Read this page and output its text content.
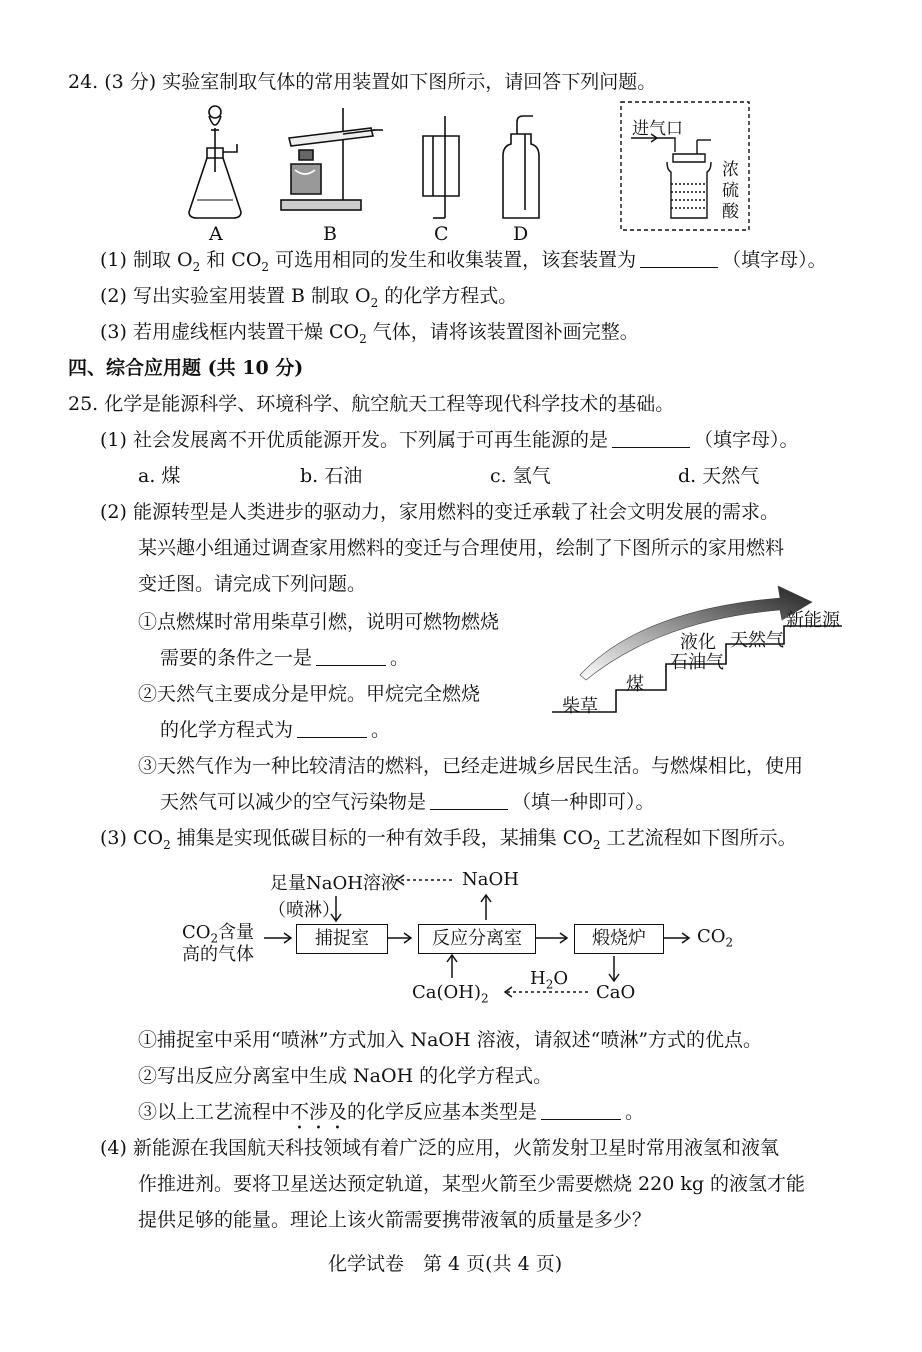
24. (3 分) 实验室制取气体的常用装置如下图所示，请回答下列问题。
进气口
浓硫酸
A	B	C	D
(1) 制取 $O_2$ 和 $CO_2$ 可选用相同的发生和收集装置，该套装置为	（填字母）。
(2) 写出实验室用装置 B 制取 $O_2$ 的化学方程式。
(3) 若用虚线框内装置干燥 $CO_2$ 气体，请将该装置图补画完整。
四、综合应用题 (共 10 分)
25. 化学是能源科学、环境科学、航空航天工程等现代科学技术的基础。
(1) 社会发展离不开优质能源开发。下列属于可再生能源的是	（填字母）。
a. 煤	b. 石油	c. 氢气	d. 天然气
(2) 能源转型是人类进步的驱动力，家用燃料的变迁承载了社会文明发展的需求。
某兴趣小组通过调查家用燃料的变迁与合理使用，绘制了下图所示的家用燃料
变迁图。请完成下列问题。
①点燃煤时常用柴草引燃，说明可燃物燃烧
需要的条件之一是	。
②天然气主要成分是甲烷。甲烷完全燃烧
的化学方程式为	。
柴草
煤
液化
石油气
天然气
新能源
③天然气作为一种比较清洁的燃料，已经走进城乡居民生活。与燃煤相比，使用
天然气可以减少的空气污染物是	（填一种即可）。
(3) $CO_2$ 捕集是实现低碳目标的一种有效手段，某捕集 $CO_2$ 工艺流程如下图所示。
$CO_2$含量
高的气体
足量NaOH溶液
（喷淋）
NaOH
捕捉室	反应分离室	煅烧炉	$CO_2$
$H_2O$
$Ca(OH)_2$	CaO
①捕捉室中采用“喷淋”方式加入 NaOH 溶液，请叙述“喷淋”方式的优点。
②写出反应分离室中生成 NaOH 的化学方程式。
③以上工艺流程中不涉及的化学反应基本类型是	。
(4) 新能源在我国航天科技领域有着广泛的应用，火箭发射卫星时常用液氢和液氧
作推进剂。要将卫星送达预定轨道，某型火箭至少需要燃烧 220 kg 的液氢才能
提供足够的能量。理论上该火箭需要携带液氧的质量是多少？
化学试卷　第 4 页(共 4 页)
